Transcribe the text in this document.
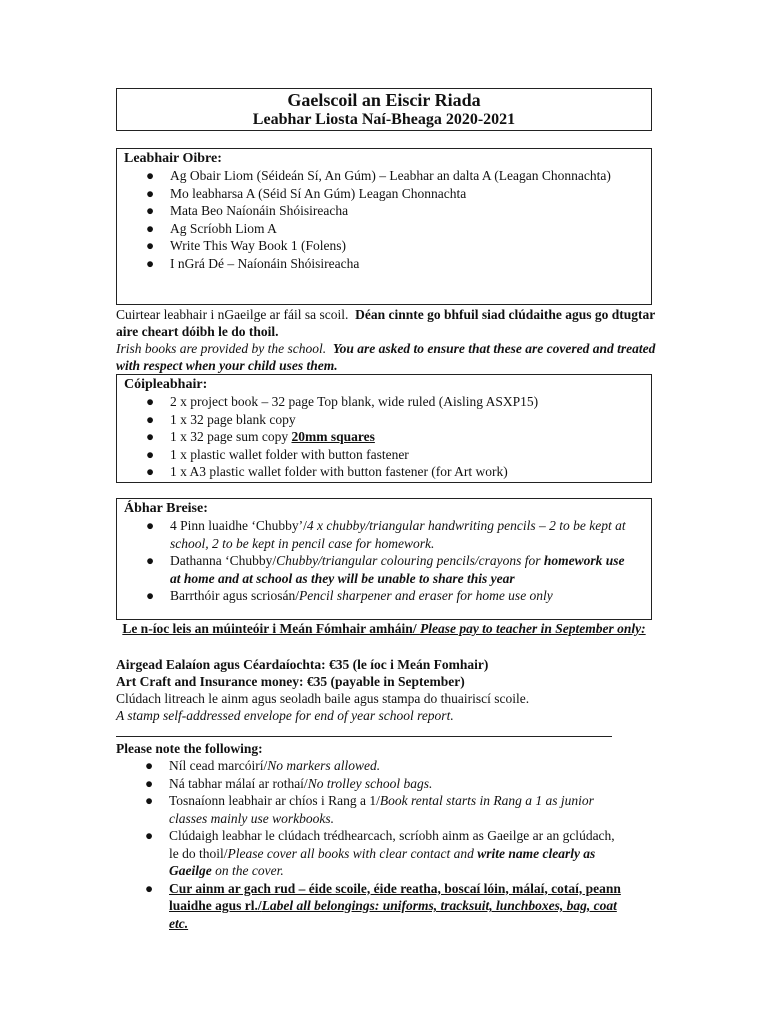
Gaelscoil an Eiscir Riada
Leabhar Liosta Naí-Bheaga 2020-2021
Leabhair Oibre:
● Ag Obair Liom (Séideán Sí, An Gúm) – Leabhar an dalta A (Leagan Chonnachta)
● Mo leabharsa A (Séid Sí An Gúm) Leagan Chonnachta
● Mata Beo Naíonáin Shóisireacha
● Ag Scríobh Liom A
● Write This Way Book 1 (Folens)
● I nGrá Dé – Naíonáin Shóisireacha
Cuirtear leabhair i nGaeilge ar fáil sa scoil. Déan cinnte go bhfuil siad clúdaithe agus go dtugtar aire cheart dóibh le do thoil.
Irish books are provided by the school. You are asked to ensure that these are covered and treated with respect when your child uses them.
Cóipleabhair:
● 2 x project book – 32 page Top blank, wide ruled (Aisling ASXP15)
● 1 x 32 page blank copy
● 1 x 32 page sum copy 20mm squares
● 1 x plastic wallet folder with button fastener
● 1 x A3 plastic wallet folder with button fastener (for Art work)
Ábhar Breise:
● 4 Pinn luaidhe ‘Chubby’/4 x chubby/triangular handwriting pencils – 2 to be kept at school, 2 to be kept in pencil case for homework.
● Dathanna ‘Chubby/Chubby/triangular colouring pencils/crayons for homework use at home and at school as they will be unable to share this year
● Barrthóir agus scriosán/Pencil sharpener and eraser for home use only
Le n-íoc leis an múinteóir i Meán Fómhair amháin/ Please pay to teacher in September only:
Airgead Ealaíon agus Céardaíochta: €35 (le íoc i Meán Fomhair)
Art Craft and Insurance money: €35 (payable in September)
Clúdach litreach le ainm agus seoladh baile agus stampa do thuairiscí scoile.
A stamp self-addressed envelope for end of year school report.
Please note the following:
● Níl cead marcóirí/No markers allowed.
● Ná tabhar málaí ar rothaí/No trolley school bags.
● Tosnaíonn leabhair ar chíos i Rang a 1/Book rental starts in Rang a 1 as junior classes mainly use workbooks.
● Clúdaigh leabhar le clúdach trédhearcach, scríobh ainm as Gaeilge ar an gclúdach, le do thoil/Please cover all books with clear contact and write name clearly as Gaeilge on the cover.
● Cur ainm ar gach rud – éide scoile, éide reatha, boscaí lóin, málaí, cotaí, peann luaidhe agus rl./Label all belongings: uniforms, tracksuit, lunchboxes, bag, coat etc.
